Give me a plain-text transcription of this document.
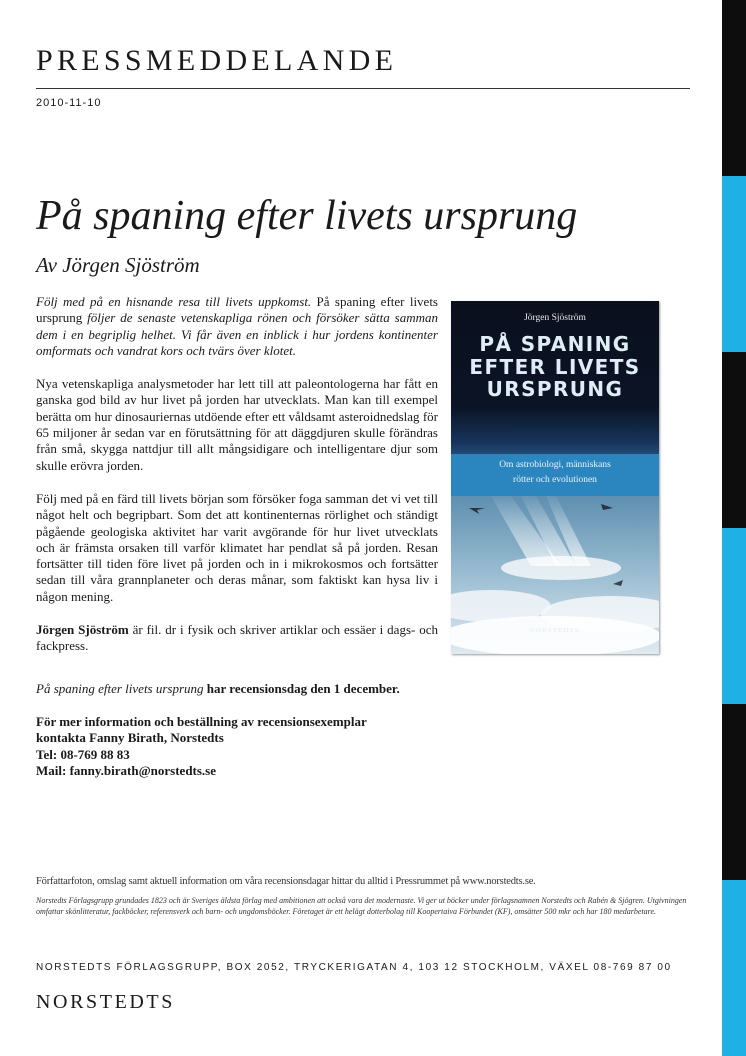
PRESSMEDDELANDE
2010-11-10
På spaning efter livets ursprung
Av Jörgen Sjöström

Följ med på en hisnande resa till livets uppkomst. På spaning efter livets ursprung följer de senaste vetenskapliga rönen och försöker sätta samman dem i en begriplig helhet. Vi får även en inblick i hur jordens kontinenter omformats och vandrat kors och tvärs över klotet.

Nya vetenskapliga analysmetoder har lett till att paleontologerna har fått en ganska god bild av hur livet på jorden har utvecklats. Man kan till exempel berätta om hur dinosauriernas utdöende efter ett våldsamt asteroidnedslag för 65 miljoner år sedan var en förutsättning för att däggdjuren skulle förändras från små, skygga nattdjur till allt mångsidigare och intelligentare djur som skulle erövra jorden.

Följ med på en färd till livets början som försöker foga samman det vi vet till något helt och begripbart. Som det att kontinenternas rörlighet och ständigt pågående geologiska aktivitet har varit avgörande för hur livet utvecklats och är främsta orsaken till varför klimatet har pendlat så på jorden. Resan fortsätter till tiden före livet på jorden och in i mikrokosmos och fortsätter sedan till våra grannplaneter och deras månar, som faktiskt kan hysa liv i någon mening.

Jörgen Sjöström är fil. dr i fysik och skriver artiklar och essäer i dags- och fackpress.

På spaning efter livets ursprung har recensionsdag den 1 december.

För mer information och beställning av recensionsexemplar
kontakta Fanny Birath, Norstedts
Tel: 08-769 88 83
Mail: fanny.birath@norstedts.se
Jörgen Sjöström
PÅ SPANING
EFTER LIVETS
URSPRUNG
Om astrobiologi, människans
rötter och evolutionen
NORSTEDTS
Författarfoton, omslag samt aktuell information om våra recensionsdagar hittar du alltid i Pressrummet på www.norstedts.se.
Norstedts Förlagsgrupp grundades 1823 och är Sveriges äldsta förlag med ambitionen att också vara det modernaste. Vi ger ut böcker under förlagsnamnen Norstedts och Rabén & Sjögren. Utgivningen omfattar skönlitteratur, fackböcker, referensverk och barn- och ungdomsböcker. Företaget är ett helägt dotterbolag till Koopertaiva Förbundet (KF), omsätter 500 mkr och har 180 medarbetare.
NORSTEDTS FÖRLAGSGRUPP, BOX 2052, TRYCKERIGATAN 4, 103 12 STOCKHOLM, VÄXEL 08-769 87 00
NORSTEDTS
